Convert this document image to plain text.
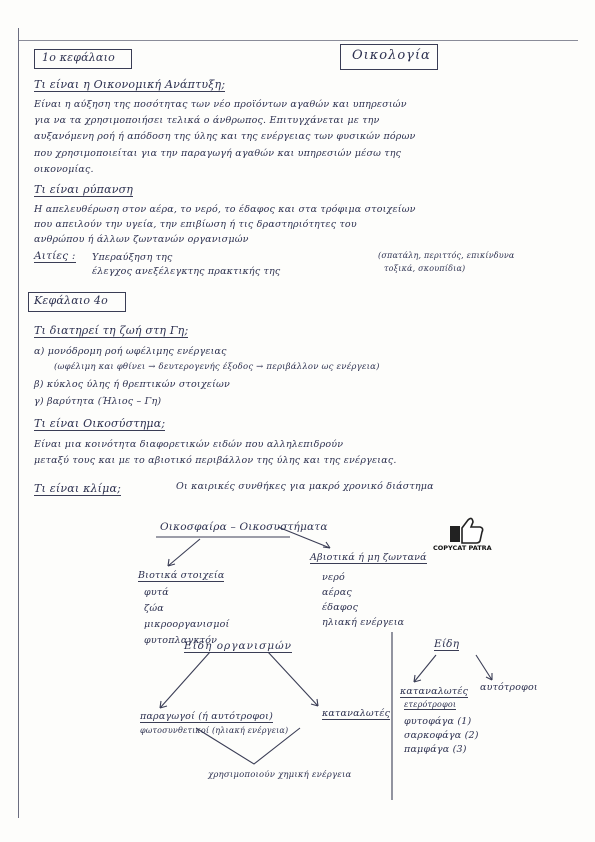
1ο κεφάλαιο	Οικολογία
Τι είναι η Οικονομική Ανάπτυξη;
Είναι η αύξηση της ποσότητας των νέο προϊόντων αγαθών και υπηρεσιών
για να τα χρησιμοποιήσει τελικά ο άνθρωπος. Επιτυγχάνεται με την
αυξανόμενη ροή ή απόδοση της ύλης και της ενέργειας των φυσικών πόρων
που χρησιμοποιείται για την παραγωγή αγαθών και υπηρεσιών μέσω της
οικονομίας.
Τι είναι ρύπανση
Η απελευθέρωση στον αέρα, το νερό, το έδαφος και στα τρόφιμα στοιχείων
που απειλούν την υγεία, την επιβίωση ή τις δραστηριότητες του
ανθρώπου ή άλλων ζωντανών οργανισμών
Αιτίες : Υπεραύξηση της
έλεγχος ανεξέλεγκτης πρακτικής της
(σπατάλη, περιττός, επικίνδυνα
τοξικά, σκουπίδια)
Κεφάλαιο 4ο
Τι διατηρεί τη ζωή στη Γη;
α) μονόδρομη ροή ωφέλιμης ενέργειας
(ωφέλιμη και φθίνει → δευτερογενής έξοδος → περιβάλλον ως ενέργεια)
β) κύκλος ύλης ή θρεπτικών στοιχείων
γ) βαρύτητα (Ήλιος – Γη)
Τι είναι Οικοσύστημα;
Είναι μια κοινότητα διαφορετικών ειδών που αλληλεπιδρούν
μεταξύ τους και με το αβιοτικό περιβάλλον της ύλης και της ενέργειας.
Τι είναι κλίμα;	Οι καιρικές συνθήκες για μακρό χρονικό διάστημα
Οικοσφαίρα – Οικοσυστήματα
Βιοτικά στοιχεία
φυτά
ζώα
μικροοργανισμοί
φυτοπλαγκτόν
Αβιοτικά ή μη ζωντανά
νερό
αέρας
έδαφος
ηλιακή ενέργεια
Είδη οργανισμών
παραγωγοί (ή αυτότροφοι)
φωτοσυνθετικοί (ηλιακή ενέργεια)
καταναλωτές
χρησιμοποιούν χημική ενέργεια
Είδη
καταναλωτές
ετερότροφοι
αυτότροφοι
φυτοφάγα (1)
σαρκοφάγα (2)
παμφάγα (3)
COPYCAT PATRA
